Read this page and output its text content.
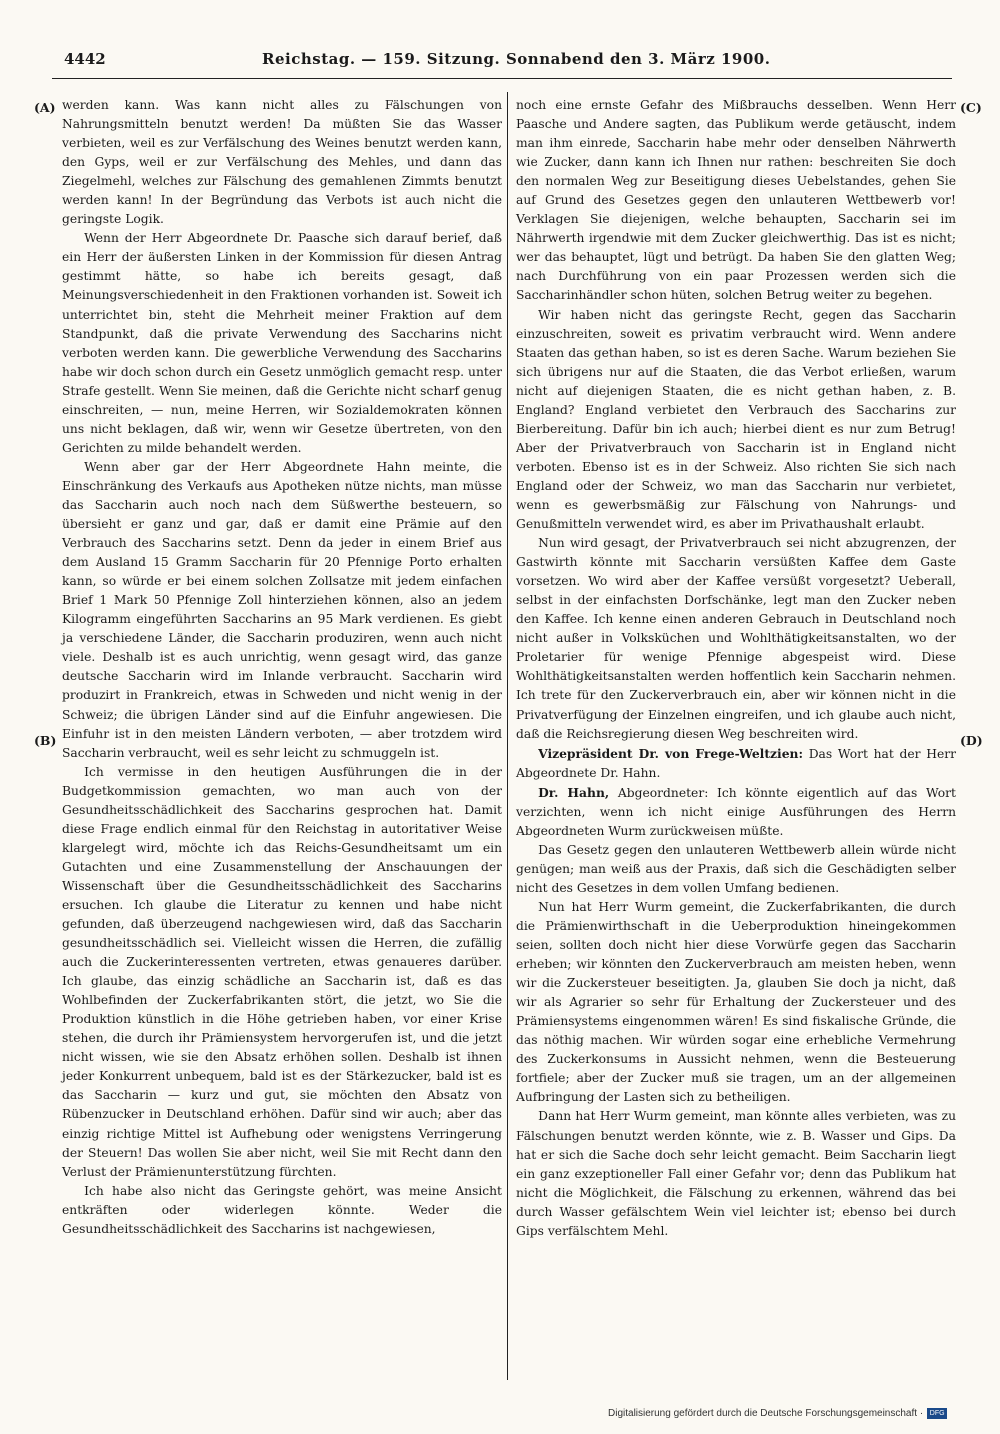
4442	Reichstag. — 159. Sitzung. Sonnabend den 3. März 1900.
(A)
(B)
(C)
(D)

werden kann. Was kann nicht alles zu Fälschungen von Nahrungsmitteln benutzt werden! Da müßten Sie das Wasser verbieten, weil es zur Verfälschung des Weines benutzt werden kann, den Gyps, weil er zur Verfälschung des Mehles, und dann das Ziegelmehl, welches zur Fälschung des gemahlenen Zimmts benutzt werden kann! In der Begründung das Verbots ist auch nicht die geringste Logik.

Wenn der Herr Abgeordnete Dr. Paasche sich darauf berief, daß ein Herr der äußersten Linken in der Kommission für diesen Antrag gestimmt hätte, so habe ich bereits gesagt, daß Meinungsverschiedenheit in den Fraktionen vorhanden ist. Soweit ich unterrichtet bin, steht die Mehrheit meiner Fraktion auf dem Standpunkt, daß die private Verwendung des Saccharins nicht verboten werden kann. Die gewerbliche Verwendung des Saccharins habe wir doch schon durch ein Gesetz unmöglich gemacht resp. unter Strafe gestellt. Wenn Sie meinen, daß die Gerichte nicht scharf genug einschreiten, — nun, meine Herren, wir Sozialdemokraten können uns nicht beklagen, daß wir, wenn wir Gesetze übertreten, von den Gerichten zu milde behandelt werden.

Wenn aber gar der Herr Abgeordnete Hahn meinte, die Einschränkung des Verkaufs aus Apotheken nütze nichts, man müsse das Saccharin auch noch nach dem Süßwerthe besteuern, so übersieht er ganz und gar, daß er damit eine Prämie auf den Verbrauch des Saccharins setzt. Denn da jeder in einem Brief aus dem Ausland 15 Gramm Saccharin für 20 Pfennige Porto erhalten kann, so würde er bei einem solchen Zollsatze mit jedem einfachen Brief 1 Mark 50 Pfennige Zoll hinterziehen können, also an jedem Kilogramm eingeführten Saccharins an 95 Mark verdienen. Es giebt ja verschiedene Länder, die Saccharin produziren, wenn auch nicht viele. Deshalb ist es auch unrichtig, wenn gesagt wird, das ganze deutsche Saccharin wird im Inlande verbraucht. Saccharin wird produzirt in Frankreich, etwas in Schweden und nicht wenig in der Schweiz; die übrigen Länder sind auf die Einfuhr angewiesen. Die Einfuhr ist in den meisten Ländern verboten, — aber trotzdem wird Saccharin verbraucht, weil es sehr leicht zu schmuggeln ist.

Ich vermisse in den heutigen Ausführungen die in der Budgetkommission gemachten, wo man auch von der Gesundheitsschädlichkeit des Saccharins gesprochen hat. Damit diese Frage endlich einmal für den Reichstag in autoritativer Weise klargelegt wird, möchte ich das Reichs-Gesundheitsamt um ein Gutachten und eine Zusammenstellung der Anschauungen der Wissenschaft über die Gesundheitsschädlichkeit des Saccharins ersuchen. Ich glaube die Literatur zu kennen und habe nicht gefunden, daß überzeugend nachgewiesen wird, daß das Saccharin gesundheitsschädlich sei. Vielleicht wissen die Herren, die zufällig auch die Zuckerinteressenten vertreten, etwas genaueres darüber. Ich glaube, das einzig schädliche an Saccharin ist, daß es das Wohlbefinden der Zuckerfabrikanten stört, die jetzt, wo Sie die Produktion künstlich in die Höhe getrieben haben, vor einer Krise stehen, die durch ihr Prämiensystem hervorgerufen ist, und die jetzt nicht wissen, wie sie den Absatz erhöhen sollen. Deshalb ist ihnen jeder Konkurrent unbequem, bald ist es der Stärkezucker, bald ist es das Saccharin — kurz und gut, sie möchten den Absatz von Rübenzucker in Deutschland erhöhen. Dafür sind wir auch; aber das einzig richtige Mittel ist Aufhebung oder wenigstens Verringerung der Steuern! Das wollen Sie aber nicht, weil Sie mit Recht dann den Verlust der Prämienunterstützung fürchten.

Ich habe also nicht das Geringste gehört, was meine Ansicht entkräften oder widerlegen könnte. Weder die Gesundheitsschädlichkeit des Saccharins ist nachgewiesen,

noch eine ernste Gefahr des Mißbrauchs desselben. Wenn Herr Paasche und Andere sagten, das Publikum werde getäuscht, indem man ihm einrede, Saccharin habe mehr oder denselben Nährwerth wie Zucker, dann kann ich Ihnen nur rathen: beschreiten Sie doch den normalen Weg zur Beseitigung dieses Uebelstandes, gehen Sie auf Grund des Gesetzes gegen den unlauteren Wettbewerb vor! Verklagen Sie diejenigen, welche behaupten, Saccharin sei im Nährwerth irgendwie mit dem Zucker gleichwerthig. Das ist es nicht; wer das behauptet, lügt und betrügt. Da haben Sie den glatten Weg; nach Durchführung von ein paar Prozessen werden sich die Saccharinhändler schon hüten, solchen Betrug weiter zu begehen.

Wir haben nicht das geringste Recht, gegen das Saccharin einzuschreiten, soweit es privatim verbraucht wird. Wenn andere Staaten das gethan haben, so ist es deren Sache. Warum beziehen Sie sich übrigens nur auf die Staaten, die das Verbot erließen, warum nicht auf diejenigen Staaten, die es nicht gethan haben, z. B. England? England verbietet den Verbrauch des Saccharins zur Bierbereitung. Dafür bin ich auch; hierbei dient es nur zum Betrug! Aber der Privatverbrauch von Saccharin ist in England nicht verboten. Ebenso ist es in der Schweiz. Also richten Sie sich nach England oder der Schweiz, wo man das Saccharin nur verbietet, wenn es gewerbsmäßig zur Fälschung von Nahrungs- und Genußmitteln verwendet wird, es aber im Privathaushalt erlaubt.

Nun wird gesagt, der Privatverbrauch sei nicht abzugrenzen, der Gastwirth könnte mit Saccharin versüßten Kaffee dem Gaste vorsetzen. Wo wird aber der Kaffee versüßt vorgesetzt? Ueberall, selbst in der einfachsten Dorfschänke, legt man den Zucker neben den Kaffee. Ich kenne einen anderen Gebrauch in Deutschland noch nicht außer in Volksküchen und Wohlthätigkeitsanstalten, wo der Proletarier für wenige Pfennige abgespeist wird. Diese Wohlthätigkeitsanstalten werden hoffentlich kein Saccharin nehmen. Ich trete für den Zuckerverbrauch ein, aber wir können nicht in die Privatverfügung der Einzelnen eingreifen, und ich glaube auch nicht, daß die Reichsregierung diesen Weg beschreiten wird.

Vizepräsident Dr. von Frege-Weltzien: Das Wort hat der Herr Abgeordnete Dr. Hahn.

Dr. Hahn, Abgeordneter: Ich könnte eigentlich auf das Wort verzichten, wenn ich nicht einige Ausführungen des Herrn Abgeordneten Wurm zurückweisen müßte.

Das Gesetz gegen den unlauteren Wettbewerb allein würde nicht genügen; man weiß aus der Praxis, daß sich die Geschädigten selber nicht des Gesetzes in dem vollen Umfang bedienen.

Nun hat Herr Wurm gemeint, die Zuckerfabrikanten, die durch die Prämienwirthschaft in die Ueberproduktion hineingekommen seien, sollten doch nicht hier diese Vorwürfe gegen das Saccharin erheben; wir könnten den Zuckerverbrauch am meisten heben, wenn wir die Zuckersteuer beseitigten. Ja, glauben Sie doch ja nicht, daß wir als Agrarier so sehr für Erhaltung der Zuckersteuer und des Prämiensystems eingenommen wären! Es sind fiskalische Gründe, die das nöthig machen. Wir würden sogar eine erhebliche Vermehrung des Zuckerkonsums in Aussicht nehmen, wenn die Besteuerung fortfiele; aber der Zucker muß sie tragen, um an der allgemeinen Aufbringung der Lasten sich zu betheiligen.

Dann hat Herr Wurm gemeint, man könnte alles verbieten, was zu Fälschungen benutzt werden könnte, wie z. B. Wasser und Gips. Da hat er sich die Sache doch sehr leicht gemacht. Beim Saccharin liegt ein ganz exzeptioneller Fall einer Gefahr vor; denn das Publikum hat nicht die Möglichkeit, die Fälschung zu erkennen, während das bei durch Wasser gefälschtem Wein viel leichter ist; ebenso bei durch Gips verfälschtem Mehl.

Digitalisierung gefördert durch die Deutsche Forschungsgemeinschaft · DFG
